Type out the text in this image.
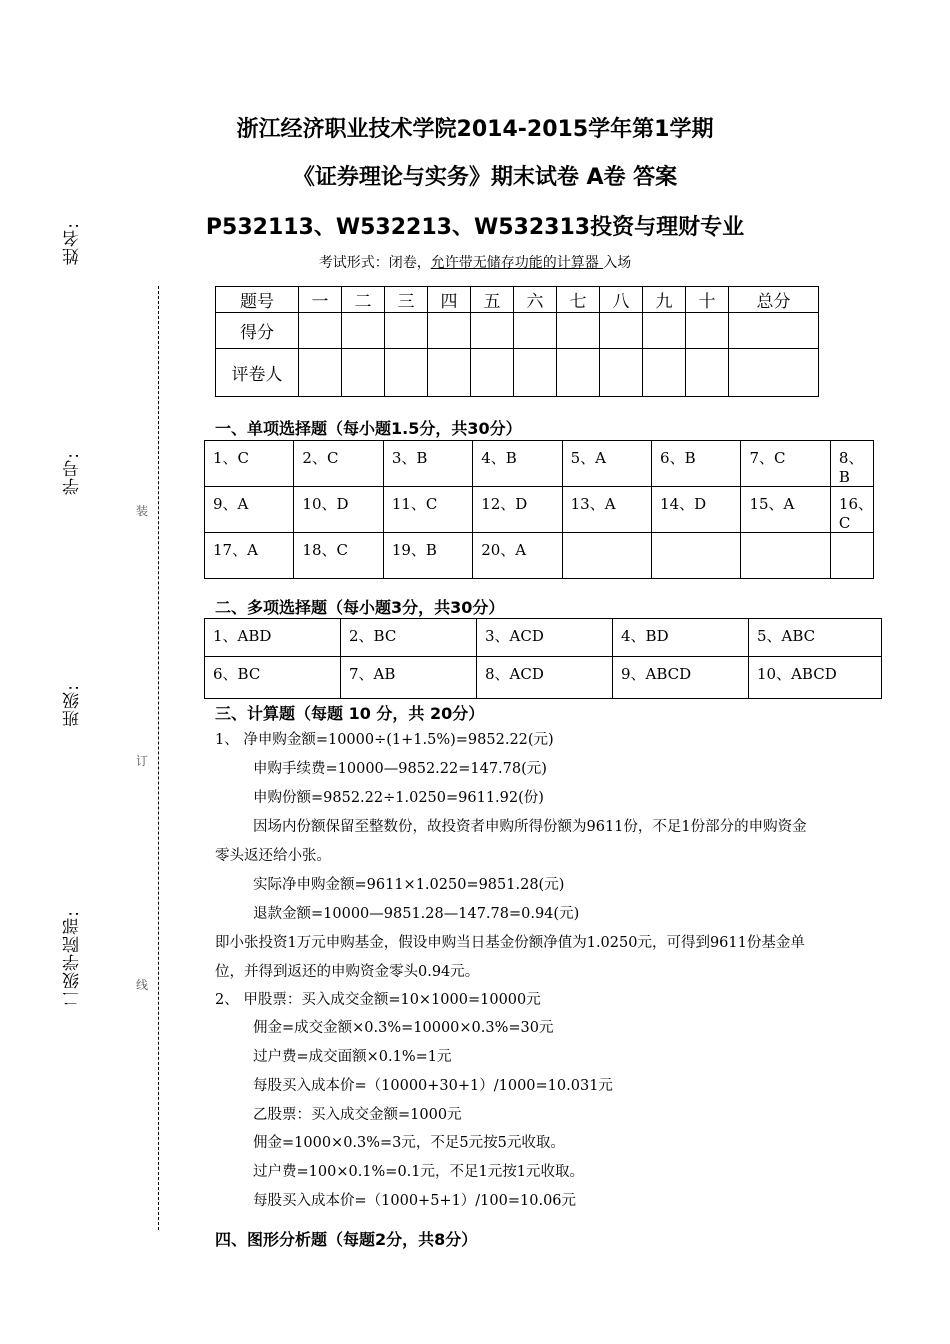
姓名:
学号:
班级:
二级学院部:
装
订
线
浙江经济职业技术学院2014-2015学年第1学期
《证券理论与实务》期末试卷 A卷 答案
P532113、W532213、W532313投资与理财专业
考试形式：闭卷，允许带无储存功能的计算器 入场
题号	一	二	三	四	五	六	七	八	九	十	总分
得分											
评卷人											
一、单项选择题（每小题1.5分，共30分）
1、C	2、C	3、B	4、B	5、A	6、B	7、C	8、B
9、A	10、D	11、C	12、D	13、A	14、D	15、A	16、C
17、A	18、C	19、B	20、A				
二、多项选择题（每小题3分，共30分）
1、ABD	2、BC	3、ACD	4、BD	5、ABC
6、BC	7、AB	8、ACD	9、ABCD	10、ABCD
三、计算题（每题 10 分，共 20分）
1、 净申购金额=10000÷(1+1.5%)=9852.22(元)
申购手续费=10000—9852.22=147.78(元)
申购份额=9852.22÷1.0250=9611.92(份)
因场内份额保留至整数份，故投资者申购所得份额为9611份，不足1份部分的申购资金
零头返还给小张。
实际净申购金额=9611×1.0250=9851.28(元)
退款金额=10000—9851.28—147.78=0.94(元)
即小张投资1万元申购基金，假设申购当日基金份额净值为1.0250元，可得到9611份基金单
位，并得到返还的申购资金零头0.94元。
2、 甲股票：买入成交金额=10×1000=10000元
佣金=成交金额×0.3%=10000×0.3%=30元
过户费=成交面额×0.1%=1元
每股买入成本价=（10000+30+1）/1000=10.031元
乙股票：买入成交金额=1000元
佣金=1000×0.3%=3元，不足5元按5元收取。
过户费=100×0.1%=0.1元，不足1元按1元收取。
每股买入成本价=（1000+5+1）/100=10.06元
四、图形分析题（每题2分，共8分）
